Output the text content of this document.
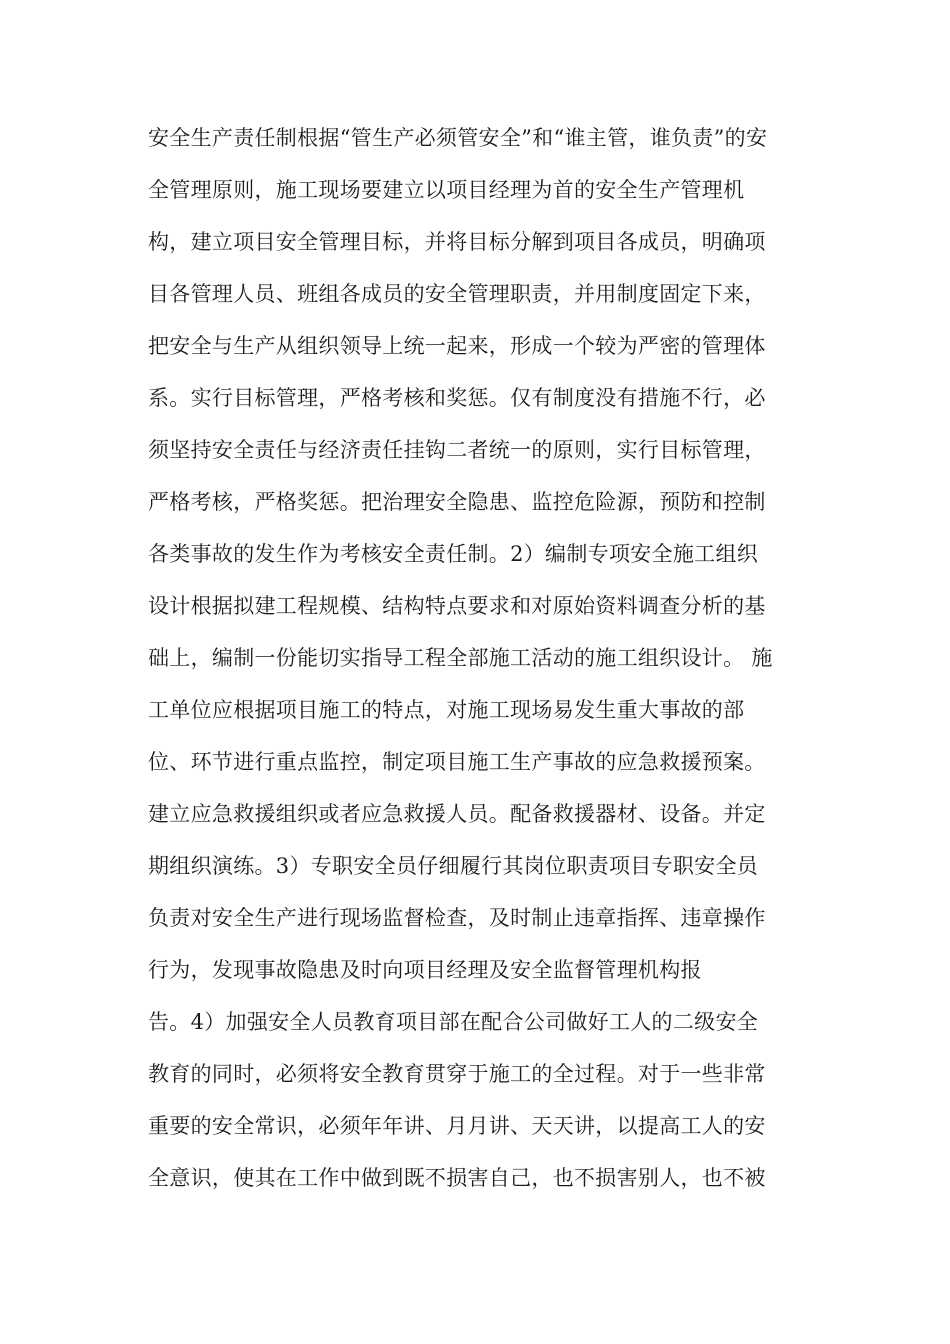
安全生产责任制根据“管生产必须管安全”和“谁主管，谁负责”的安
全管理原则，施工现场要建立以项目经理为首的安全生产管理机
构，建立项目安全管理目标，并将目标分解到项目各成员，明确项
目各管理人员、班组各成员的安全管理职责，并用制度固定下来，
把安全与生产从组织领导上统一起来，形成一个较为严密的管理体
系。实行目标管理，严格考核和奖惩。仅有制度没有措施不行，必
须坚持安全责任与经济责任挂钩二者统一的原则，实行目标管理，
严格考核，严格奖惩。把治理安全隐患、监控危险源，预防和控制
各类事故的发生作为考核安全责任制。2）编制专项安全施工组织
设计根据拟建工程规模、结构特点要求和对原始资料调查分析的基
础上，编制一份能切实指导工程全部施工活动的施工组织设计。 施
工单位应根据项目施工的特点，对施工现场易发生重大事故的部
位、环节进行重点监控，制定项目施工生产事故的应急救援预案。
建立应急救援组织或者应急救援人员。配备救援器材、设备。并定
期组织演练。3）专职安全员仔细履行其岗位职责项目专职安全员
负责对安全生产进行现场监督检查，及时制止违章指挥、违章操作
行为，发现事故隐患及时向项目经理及安全监督管理机构报
告。4）加强安全人员教育项目部在配合公司做好工人的二级安全
教育的同时，必须将安全教育贯穿于施工的全过程。对于一些非常
重要的安全常识，必须年年讲、月月讲、天天讲，以提高工人的安
全意识，使其在工作中做到既不损害自己，也不损害别人，也不被
